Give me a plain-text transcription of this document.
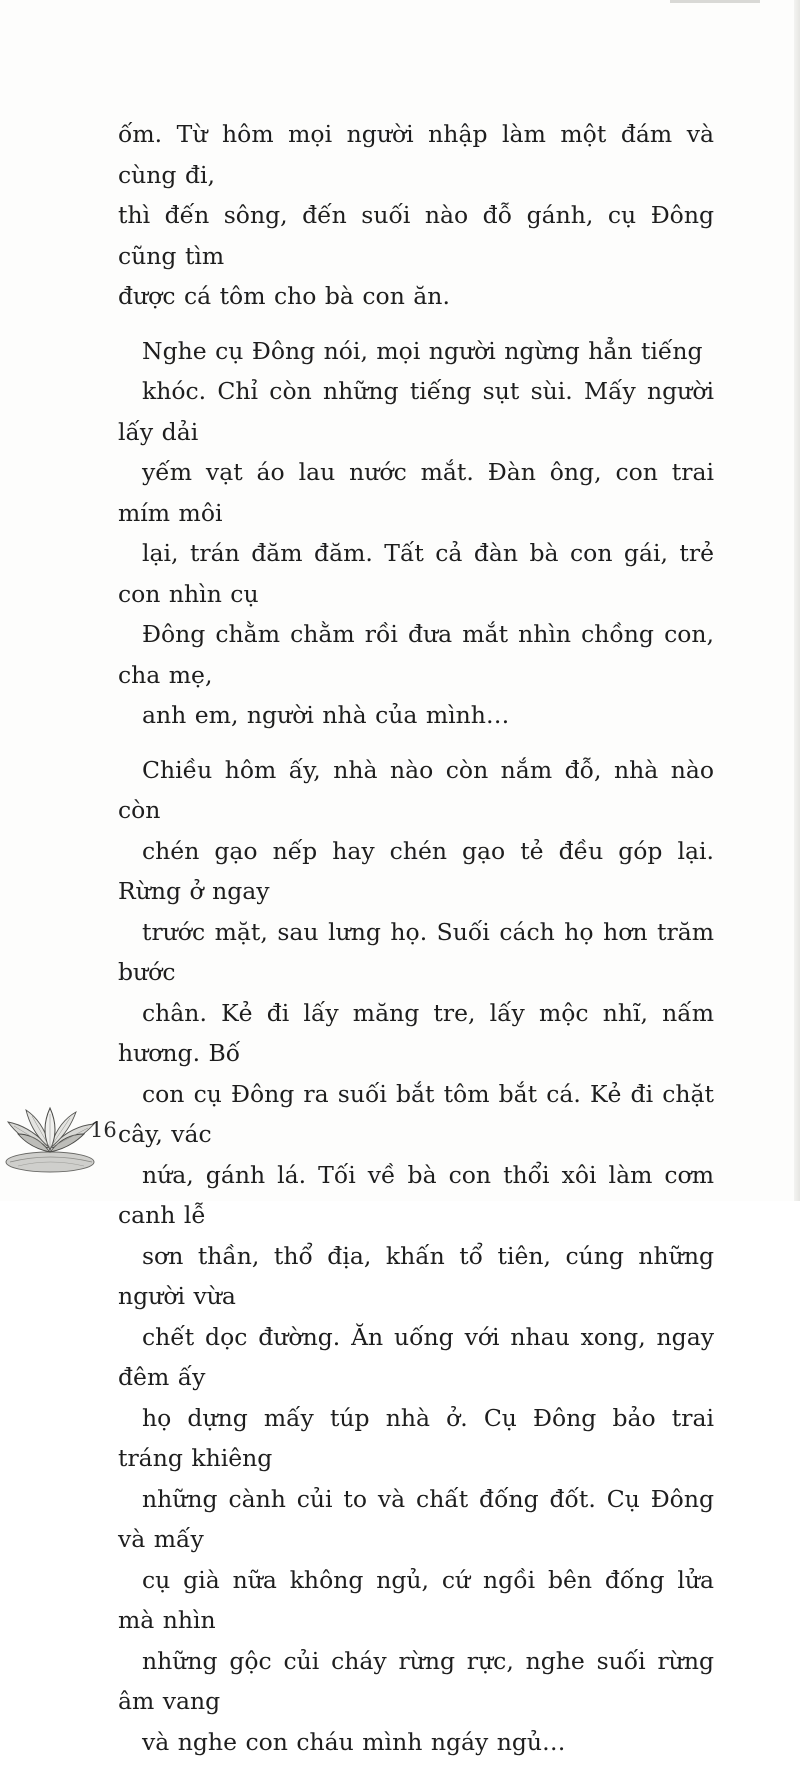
ốm. Từ hôm mọi người nhập làm một đám và cùng đi,
thì đến sông, đến suối nào đỗ gánh, cụ Đông cũng tìm
được cá tôm cho bà con ăn.

Nghe cụ Đông nói, mọi người ngừng hẳn tiếng
khóc. Chỉ còn những tiếng sụt sùi. Mấy người lấy dải
yếm vạt áo lau nước mắt. Đàn ông, con trai mím môi
lại, trán đăm đăm. Tất cả đàn bà con gái, trẻ con nhìn cụ
Đông chằm chằm rồi đưa mắt nhìn chồng con, cha mẹ,
anh em, người nhà của mình…

Chiều hôm ấy, nhà nào còn nắm đỗ, nhà nào còn
chén gạo nếp hay chén gạo tẻ đều góp lại. Rừng ở ngay
trước mặt, sau lưng họ. Suối cách họ hơn trăm bước
chân. Kẻ đi lấy măng tre, lấy mộc nhĩ, nấm hương. Bố
con cụ Đông ra suối bắt tôm bắt cá. Kẻ đi chặt cây, vác
nứa, gánh lá. Tối về bà con thổi xôi làm cơm canh lễ
sơn thần, thổ địa, khấn tổ tiên, cúng những người vừa
chết dọc đường. Ăn uống với nhau xong, ngay đêm ấy
họ dựng mấy túp nhà ở. Cụ Đông bảo trai tráng khiêng
những cành củi to và chất đống đốt. Cụ Đông và mấy
cụ già nữa không ngủ, cứ ngồi bên đống lửa mà nhìn
những gộc củi cháy rừng rực, nghe suối rừng âm vang
và nghe con cháu mình ngáy ngủ…

16
